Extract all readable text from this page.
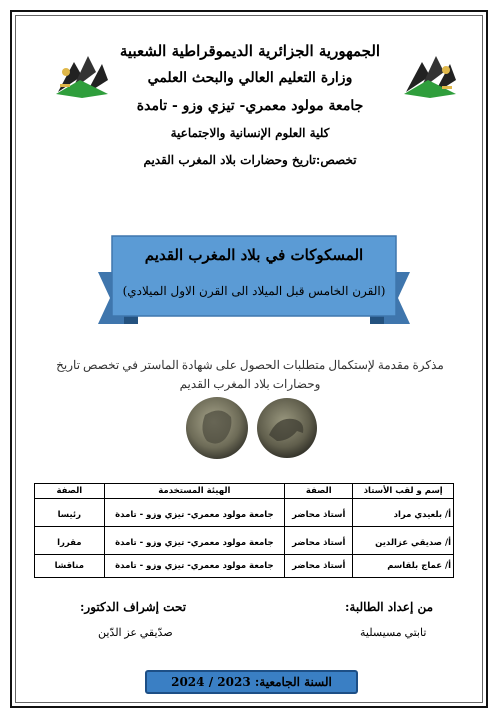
الجمهورية الجزائرية الديموقراطية الشعبية
وزارة التعليم العالي والبحث العلمي
جامعة مولود معمري- تيزي وزو - تامدة
كلية العلوم الإنسانية والاجتماعية
تخصص:تاريخ وحضارات بلاد المغرب القديم
المسكوكات في بلاد المغرب القديم
(القرن الخامس قبل الميلاد الى القرن الاول الميلادي)
مذكرة مقدمة لإستكمال متطلبات الحصول على شهادة الماستر في تخصص تاريخ
وحضارات بلاد المغرب القديم
إسم و لقب الأستاذ	الصفة	الهيئة المستخدمة	الصفة

أ/ بلعيدي مراد	أستاذ محاضر	جامعة مولود معمري- تيزي وزو - تامدة	رئيسا

أ/ صديقي عزالدين	أستاذ محاضر	جامعة مولود معمري- تيزي وزو - تامدة	مقررا
أ/ عماج بلقاسم	أستاذ محاضر	جامعة مولود معمري- تيزي وزو - تامدة	مناقشا
من إعداد الطالبة:
تحت إشراف الدكتور:
تابتي مسيسلية
صدّيقي عز الدّين
السنة الجامعية: 2023 / 2024
